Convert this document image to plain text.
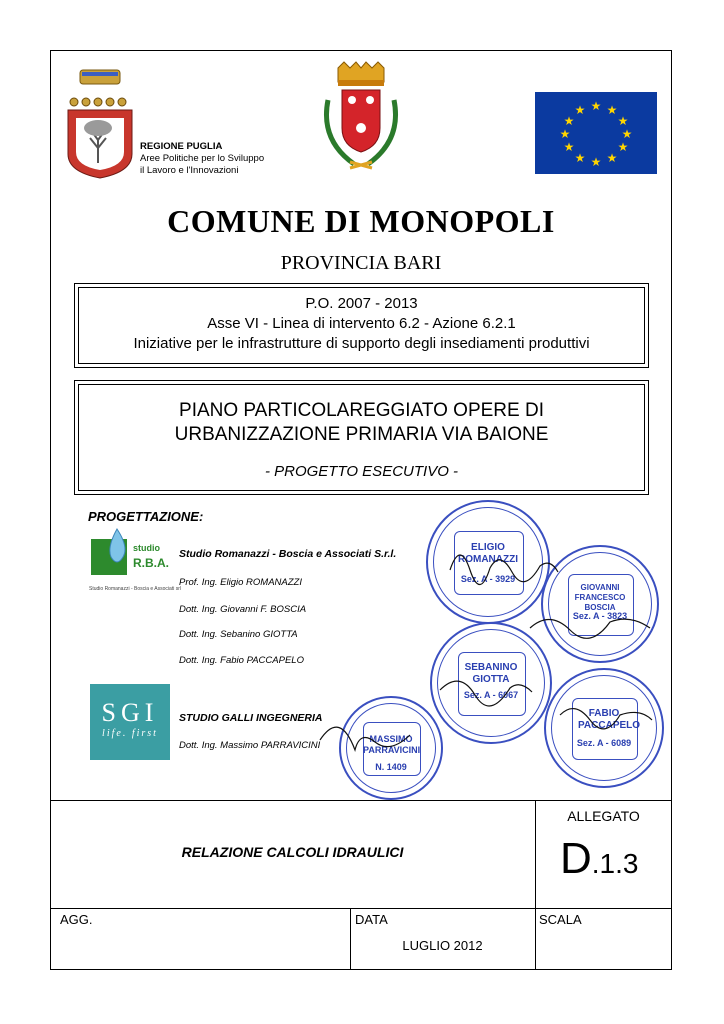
REGIONE PUGLIA
Aree Politiche per lo Sviluppo
il Lavoro e l'Innovazioni
★ ★
★
★
★
★
★
★
★
★
★
★
COMUNE DI MONOPOLI
PROVINCIA BARI
P.O. 2007 - 2013
Asse VI - Linea di intervento 6.2 - Azione 6.2.1
Iniziative per le infrastrutture di supporto degli insediamenti produttivi
PIANO PARTICOLAREGGIATO OPERE DI
URBANIZZAZIONE PRIMARIA VIA BAIONE
- PROGETTO ESECUTIVO -
PROGETTAZIONE:
studio
R.B.A.
Studio Romanazzi - Boscia e Associati srl
Studio Romanazzi - Boscia e Associati S.r.l.
Prof. Ing. Eligio ROMANAZZI
Dott. Ing. Giovanni F. BOSCIA
Dott. Ing. Sebanino GIOTTA
Dott. Ing. Fabio PACCAPELO
SGI
life. first
STUDIO GALLI INGEGNERIA
Dott. Ing. Massimo PARRAVICINI
ELIGIO ROMANAZZI
Sez. A - 3929
GIOVANNI FRANCESCO BOSCIA
Sez. A - 3823
SEBANINO GIOTTA
Sez. A - 6067
FABIO PACCAPELO
Sez. A - 6089
MASSIMO PARRAVICINI
N. 1409
RELAZIONE CALCOLI IDRAULICI
ALLEGATO
D.1.3
AGG.	DATA
LUGLIO 2012
SCALA
